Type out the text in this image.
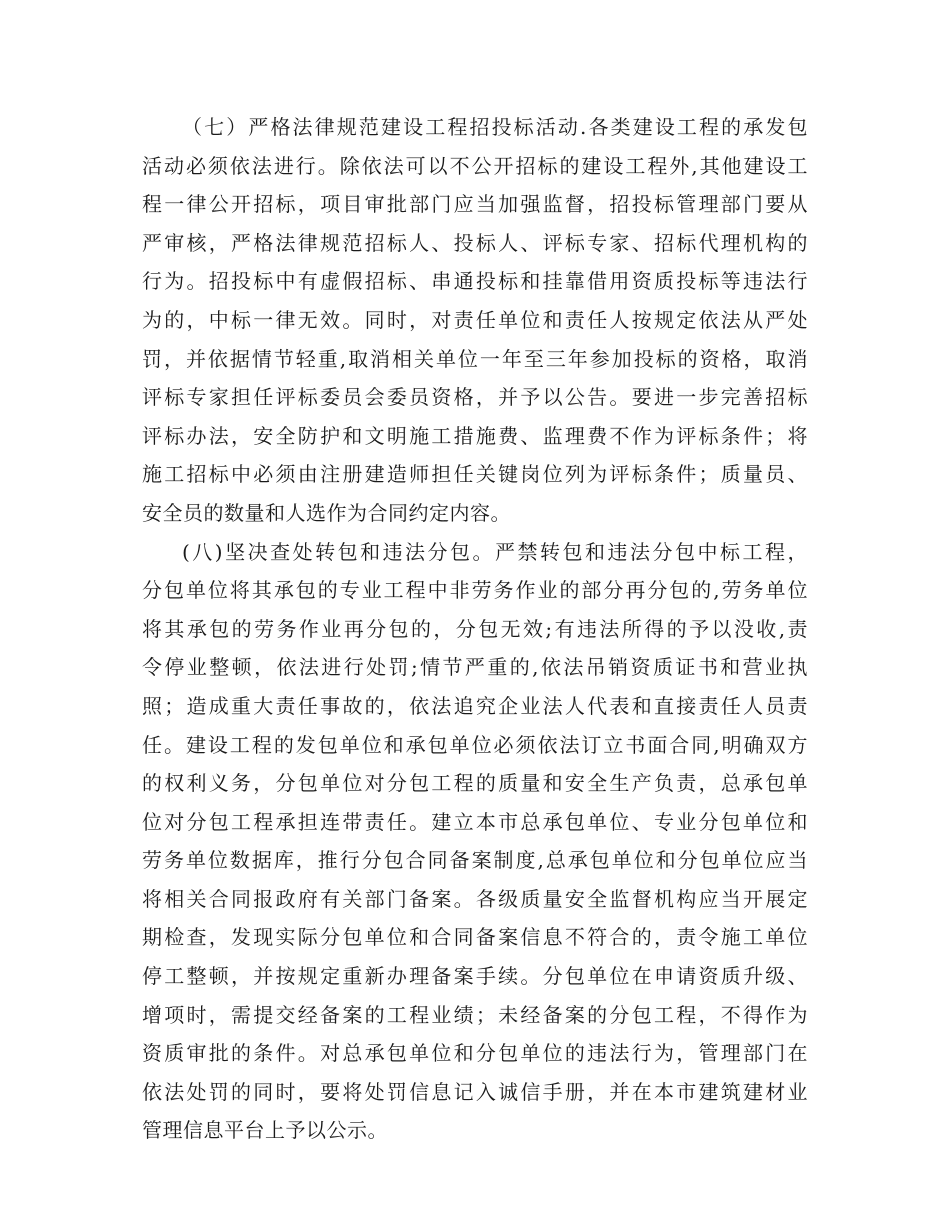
（七）严格法律规范建设工程招投标活动.各类建设工程的承发包
活动必须依法进行。除依法可以不公开招标的建设工程外,其他建设工
程一律公开招标，项目审批部门应当加强监督，招投标管理部门要从
严审核，严格法律规范招标人、投标人、评标专家、招标代理机构的
行为。招投标中有虚假招标、串通投标和挂靠借用资质投标等违法行
为的，中标一律无效。同时，对责任单位和责任人按规定依法从严处
罚，并依据情节轻重,取消相关单位一年至三年参加投标的资格，取消
评标专家担任评标委员会委员资格，并予以公告。要进一步完善招标
评标办法，安全防护和文明施工措施费、监理费不作为评标条件；将
施工招标中必须由注册建造师担任关键岗位列为评标条件；质量员、
安全员的数量和人选作为合同约定内容。
(八)坚决查处转包和违法分包。严禁转包和违法分包中标工程，
分包单位将其承包的专业工程中非劳务作业的部分再分包的,劳务单位
将其承包的劳务作业再分包的，分包无效;有违法所得的予以没收,责
令停业整顿，依法进行处罚;情节严重的,依法吊销资质证书和营业执
照；造成重大责任事故的，依法追究企业法人代表和直接责任人员责
任。建设工程的发包单位和承包单位必须依法订立书面合同,明确双方
的权利义务，分包单位对分包工程的质量和安全生产负责，总承包单
位对分包工程承担连带责任。建立本市总承包单位、专业分包单位和
劳务单位数据库，推行分包合同备案制度,总承包单位和分包单位应当
将相关合同报政府有关部门备案。各级质量安全监督机构应当开展定
期检查，发现实际分包单位和合同备案信息不符合的，责令施工单位
停工整顿，并按规定重新办理备案手续。分包单位在申请资质升级、
增项时，需提交经备案的工程业绩；未经备案的分包工程，不得作为
资质审批的条件。对总承包单位和分包单位的违法行为，管理部门在
依法处罚的同时，要将处罚信息记入诚信手册，并在本市建筑建材业
管理信息平台上予以公示。
